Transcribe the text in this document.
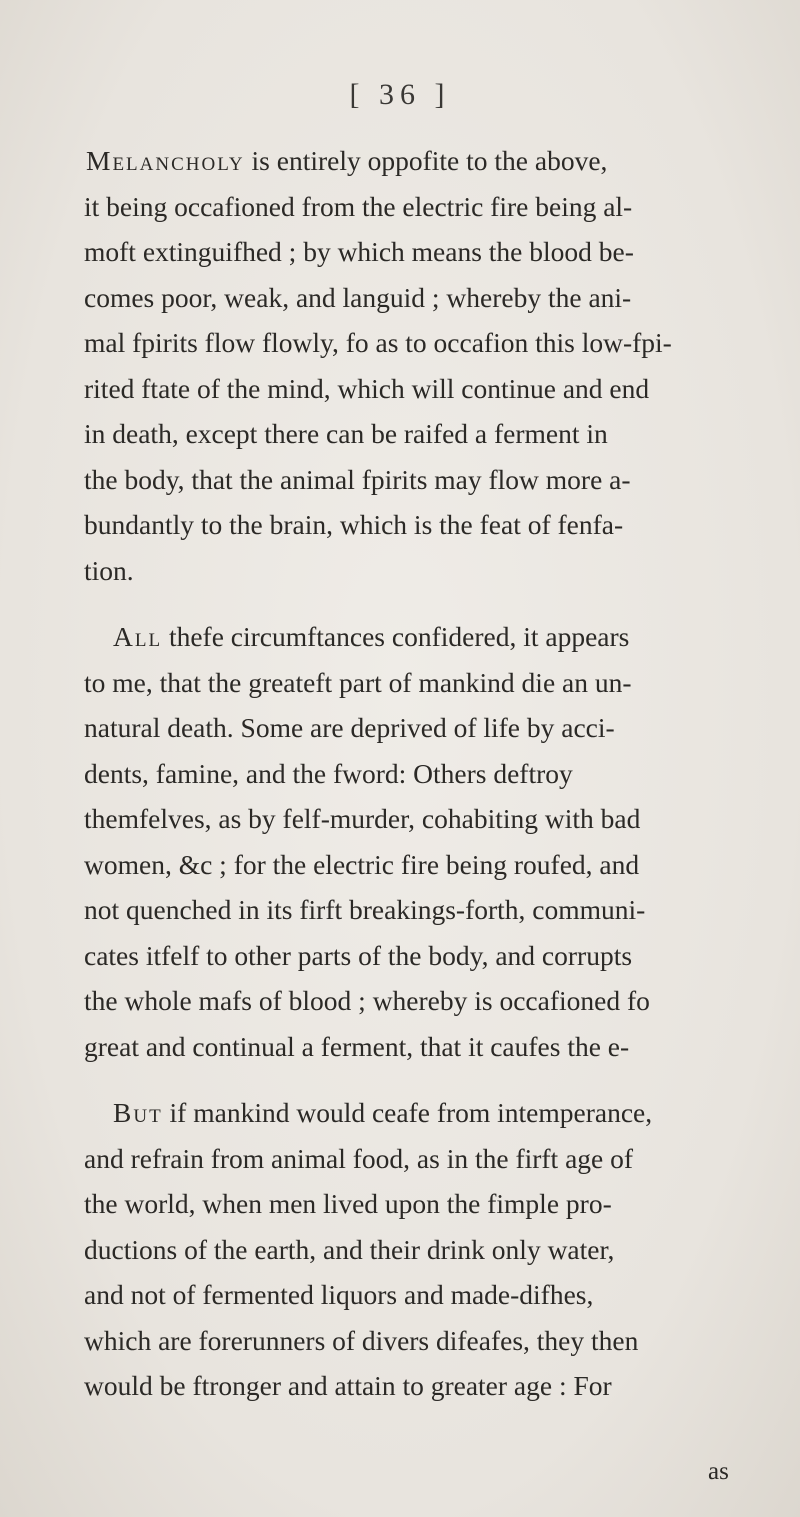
[ 36 ]
Melancholy is entirely oppofite to the above,
it being occafioned from the electric fire being al-
moft extinguifhed ; by which means the blood be-
comes poor, weak, and languid ; whereby the ani-
mal fpirits flow flowly, fo as to occafion this low-fpi-
rited ftate of the mind, which will continue and end
in death, except there can be raifed a ferment in
the body, that the animal fpirits may flow more a-
bundantly to the brain, which is the feat of fenfa-
tion.
All thefe circumftances confidered, it appears
to me, that the greateft part of mankind die an un-
natural death. Some are deprived of life by acci-
dents, famine, and the fword: Others deftroy
themfelves, as by felf-murder, cohabiting with bad
women, &c ; for the electric fire being roufed, and
not quenched in its firft breakings-forth, communi-
cates itfelf to other parts of the body, and corrupts
the whole mafs of blood ; whereby is occafioned fo
great and continual a ferment, that it caufes the e-
But if mankind would ceafe from intemperance,
and refrain from animal food, as in the firft age of
the world, when men lived upon the fimple pro-
ductions of the earth, and their drink only water,
and not of fermented liquors and made-difhes,
which are forerunners of divers difeafes, they then
would be ftronger and attain to greater age : For
as
